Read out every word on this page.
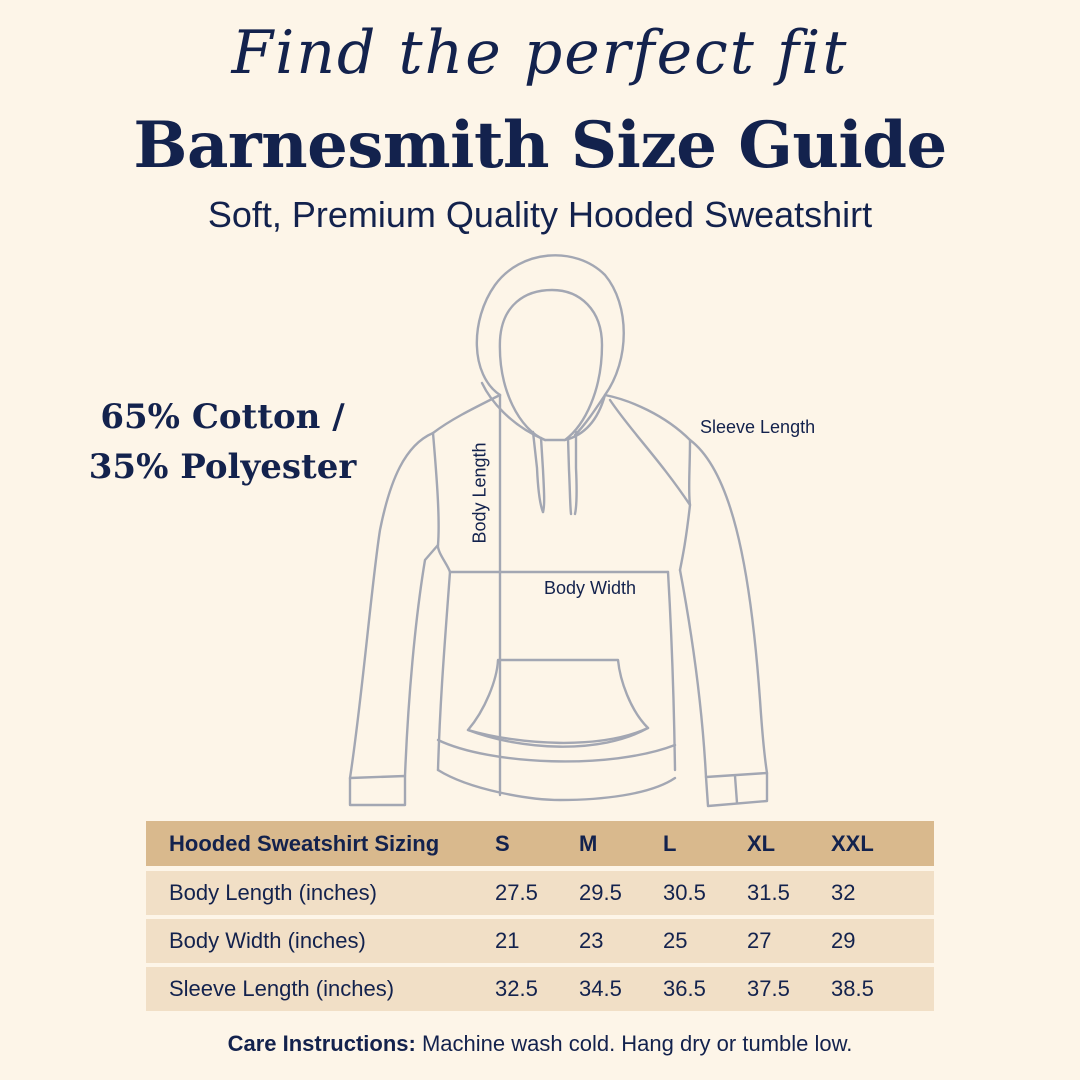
Find the perfect fit
Barnesmith Size Guide
Soft, Premium Quality Hooded Sweatshirt
65% Cotton /
35% Polyester
Sleeve Length
Body Width
Body Length
Hooded Sweatshirt Sizing	S	M	L	XL	XXL
Body Length (inches)	27.5	29.5	30.5	31.5	32
Body Width (inches)	21	23	25	27	29
Sleeve Length (inches)	32.5	34.5	36.5	37.5	38.5
Care Instructions: Machine wash cold. Hang dry or tumble low.
